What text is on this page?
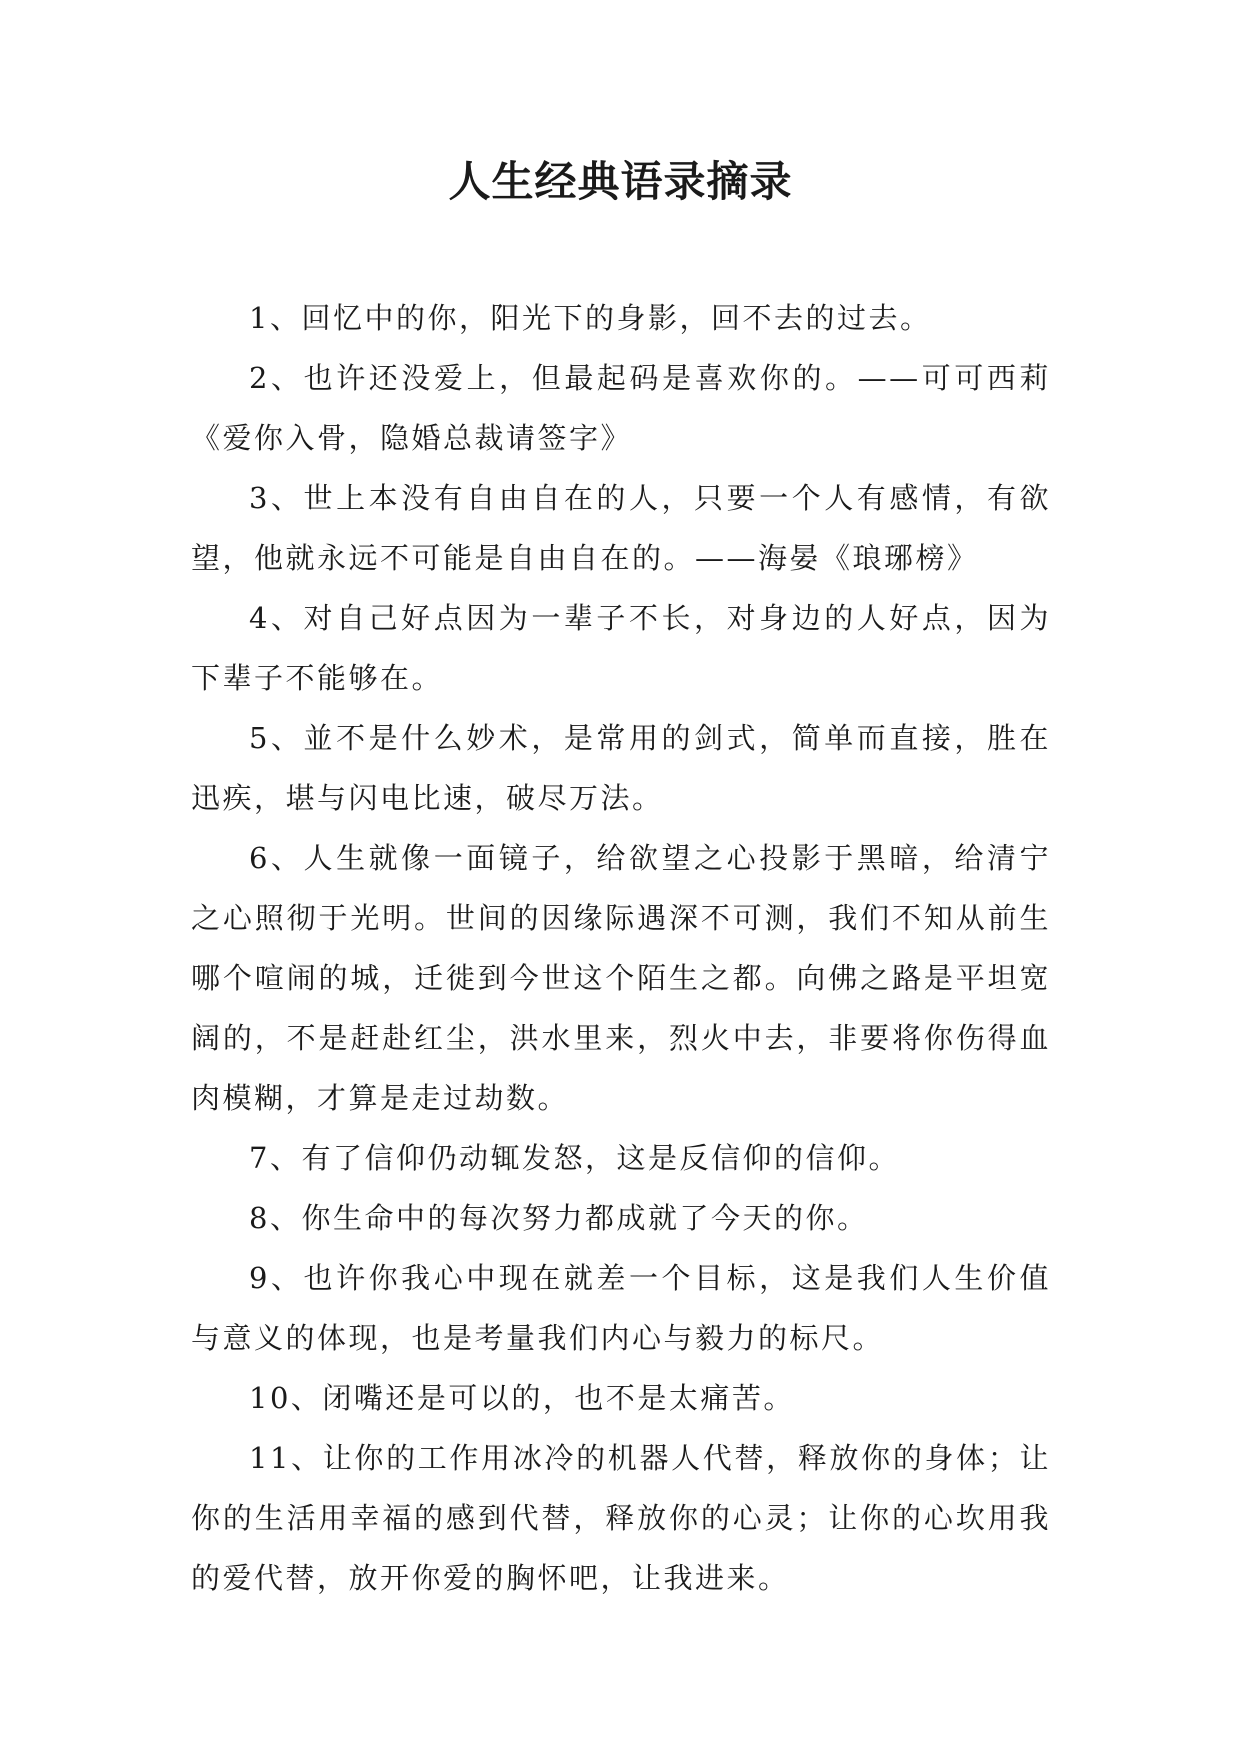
人生经典语录摘录

1、回忆中的你，阳光下的身影，回不去的过去。

2、也许还没爱上，但最起码是喜欢你的。——可可西莉《爱你入骨，隐婚总裁请签字》

3、世上本没有自由自在的人，只要一个人有感情，有欲望，他就永远不可能是自由自在的。——海晏《琅琊榜》

4、对自己好点因为一辈子不长，对身边的人好点，因为下辈子不能够在。

5、並不是什么妙术，是常用的剑式，简单而直接，胜在迅疾，堪与闪电比速，破尽万法。

6、人生就像一面镜子，给欲望之心投影于黑暗，给清宁之心照彻于光明。世间的因缘际遇深不可测，我们不知从前生哪个喧闹的城，迁徙到今世这个陌生之都。向佛之路是平坦宽阔的，不是赶赴红尘，洪水里来，烈火中去，非要将你伤得血肉模糊，才算是走过劫数。

7、有了信仰仍动辄发怒，这是反信仰的信仰。

8、你生命中的每次努力都成就了今天的你。

9、也许你我心中现在就差一个目标，这是我们人生价值与意义的体现，也是考量我们内心与毅力的标尺。

10、闭嘴还是可以的，也不是太痛苦。

11、让你的工作用冰冷的机器人代替，释放你的身体；让你的生活用幸福的感到代替，释放你的心灵；让你的心坎用我的爱代替，放开你爱的胸怀吧，让我进来。
